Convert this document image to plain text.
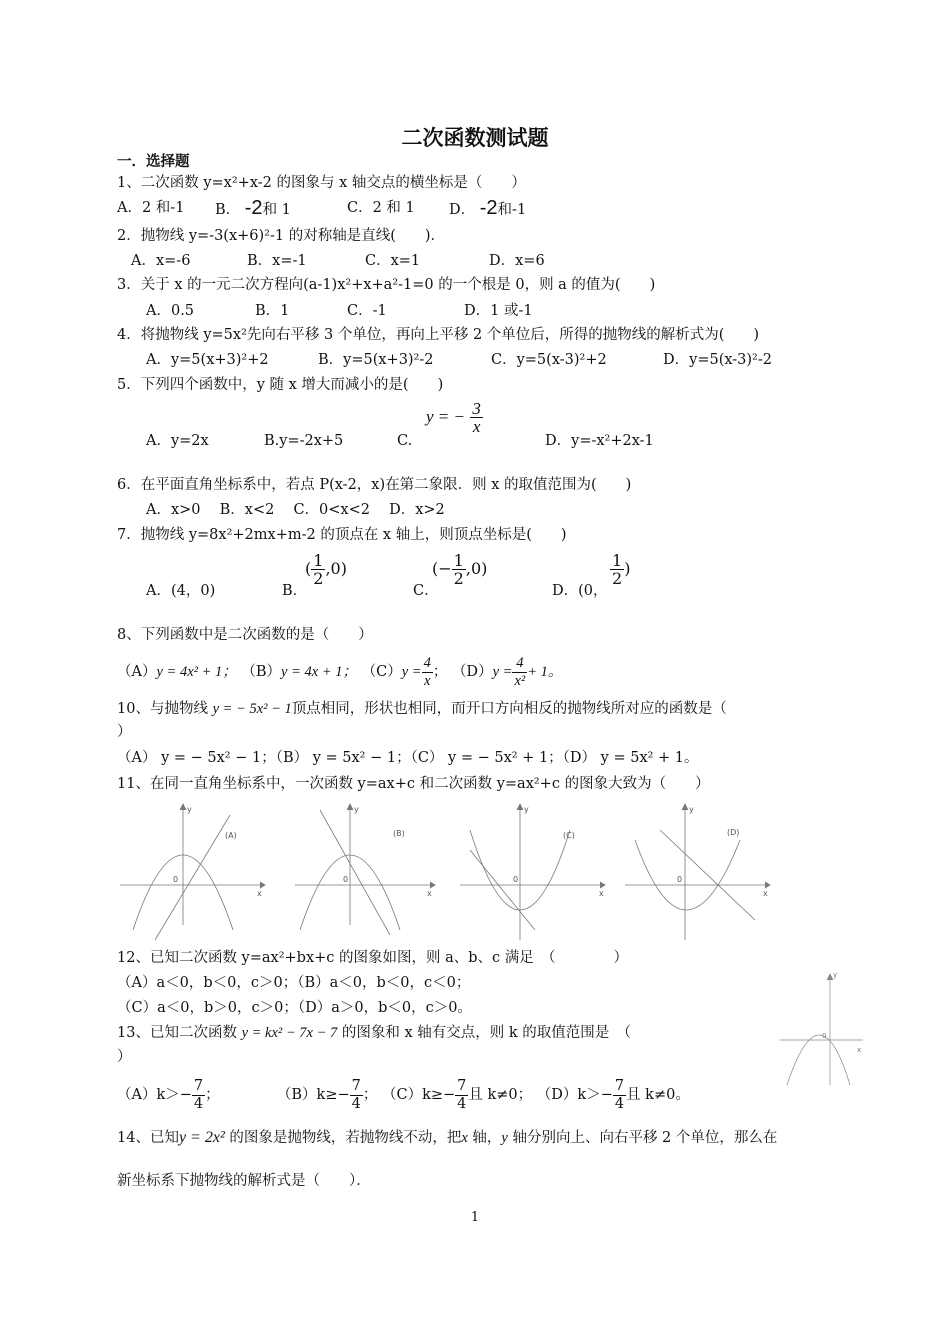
二次函数测试题
一．选择题
1、二次函数 y=x²+x-2 的图象与 x 轴交点的横坐标是（　　）
A．2 和-1 B． -2和 1	C．2 和 1 D． -2和-1
2．抛物线 y=-3(x+6)²-1 的对称轴是直线(　　)．
A．x=-6	B．x=-1	C．x=1	D．x=6
3．关于 x 的一元二次方程向(a-1)x²+x+a²-1=0 的一个根是 0，则 a 的值为(　　)
A．0.5	B．1	C．-1	D．1 或-1
4．将抛物线 y=5x²先向右平移 3 个单位，再向上平移 2 个单位后，所得的抛物线的解析式为(　　)
A．y=5(x+3)²+2	B．y=5(x+3)²-2	C．y=5(x-3)²+2	D．y=5(x-3)²-2
5．下列四个函数中，y 随 x 增大而减小的是(　　)
y = − $\frac{3}{x}$
A．y=2x	B.y=-2x+5	C.	D．y=-x²+2x-1
6．在平面直角坐标系中，若点 P(x-2，x)在第二象限．则 x 的取值范围为(　　)
A．x>0　 B．x<2　 C．0<x<2　 D．x>2
7．抛物线 y=8x²+2mx+m-2 的顶点在 x 轴上，则顶点坐标是(　　)
A．(4，0)	B．
( $\frac{1}{2} ,0$)
C．
(− $\frac{1}{2} ,0$)
D．(0，
$\frac{1}{2}$ )
8、下列函数中是二次函数的是（　　）
（A）y = 4x² + 1； （B）y = 4x + 1； $(C)y = \frac{4}{x}$ ； $(D)y = \frac{4}{\text{x²}} + 1$。
10、与抛物线 y = − 5x² − 1顶点相同，形状也相同，而开口方向相反的抛物线所对应的函数是（
）
（A） y = − 5x² − 1；（B） y = 5x² − 1；（C） y = − 5x² + 1；（D） y = 5x² + 1。
11、在同一直角坐标系中，一次函数 y=ax+c 和二次函数 y=ax²+c 的图象大致为（　　）
(A)	(B)	(C)	(D)
0	0	0	0
x	x	x	x
y	y	y	y
12、已知二次函数 y=ax²+bx+c 的图象如图，则 a、b、c 满足　（　　　　）
（A）a＜0，b＜0，c＞0；（B）a＜0，b＜0，c＜0；
（C）a＜0，b＞0，c＞0；（D）a＞0，b＜0，c＞0。
y
0
x
13、已知二次函数 y = kx² − 7x − 7 的图象和 x 轴有交点，则 k 的取值范围是　（
）
$(A)k>- \frac{7}{4}$ ；	$(B)k\ge- \frac{7}{4}$ ； $(C)k\ge- \frac{7}{4}$ 且 k≠0； $(D)k>- \frac{7}{4}$ 且 k≠0。
14、已知y = 2x² 的图象是抛物线，若抛物线不动，把x 轴，y 轴分别向上、向右平移 2 个单位，那么在
新坐标系下抛物线的解析式是（　　）．
1
